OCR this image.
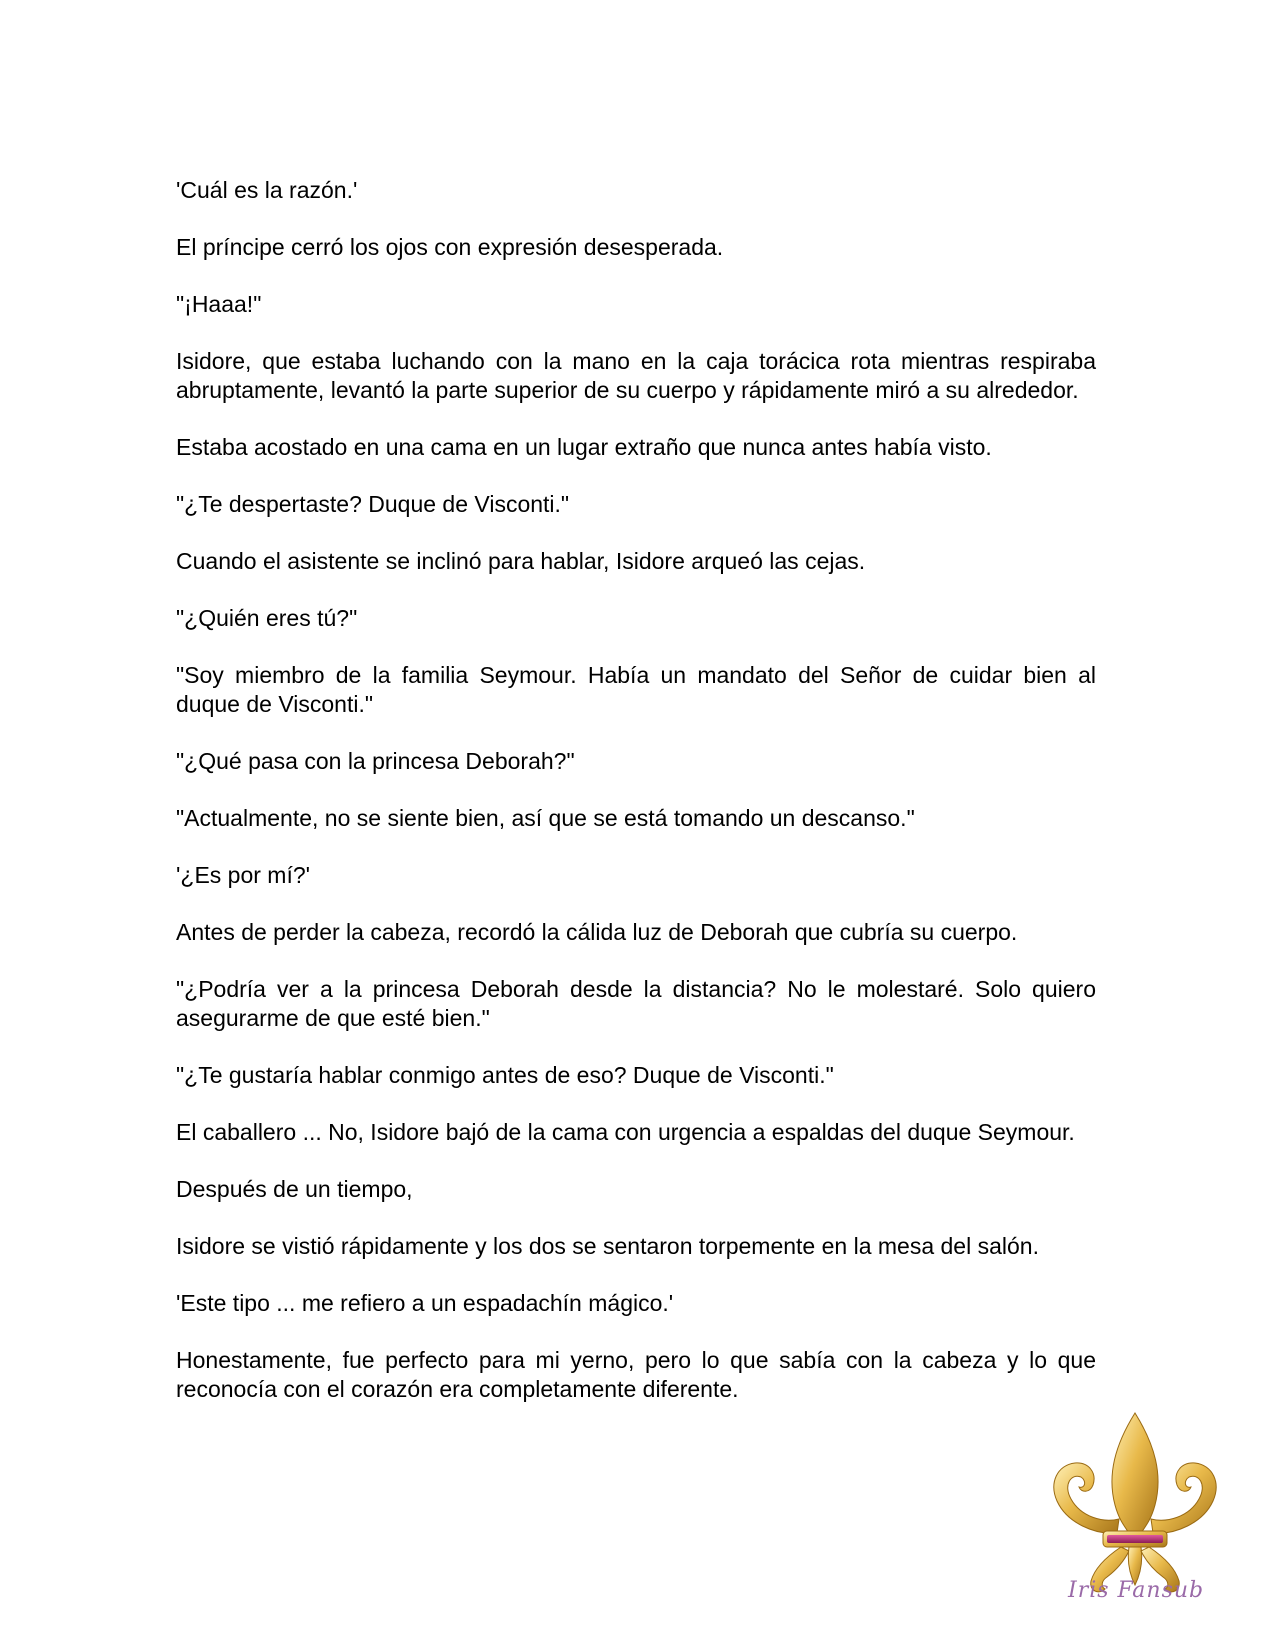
'Cuál es la razón.'

El príncipe cerró los ojos con expresión desesperada.

"¡Haaa!"

Isidore, que estaba luchando con la mano en la caja torácica rota mientras respiraba abruptamente, levantó la parte superior de su cuerpo y rápidamente miró a su alrededor.

Estaba acostado en una cama en un lugar extraño que nunca antes había visto.

"¿Te despertaste? Duque de Visconti."

Cuando el asistente se inclinó para hablar, Isidore arqueó las cejas.

"¿Quién eres tú?"

"Soy miembro de la familia Seymour. Había un mandato del Señor de cuidar bien al duque de Visconti."

"¿Qué pasa con la princesa Deborah?"

"Actualmente, no se siente bien, así que se está tomando un descanso."

'¿Es por mí?'

Antes de perder la cabeza, recordó la cálida luz de Deborah que cubría su cuerpo.

"¿Podría ver a la princesa Deborah desde la distancia? No le molestaré. Solo quiero asegurarme de que esté bien."

"¿Te gustaría hablar conmigo antes de eso? Duque de Visconti."

El caballero ... No, Isidore bajó de la cama con urgencia a espaldas del duque Seymour.

Después de un tiempo,

Isidore se vistió rápidamente y los dos se sentaron torpemente en la mesa del salón.

'Este tipo ... me refiero a un espadachín mágico.'

Honestamente, fue perfecto para mi yerno, pero lo que sabía con la cabeza y lo que reconocía con el corazón era completamente diferente.

Iris Fansub
